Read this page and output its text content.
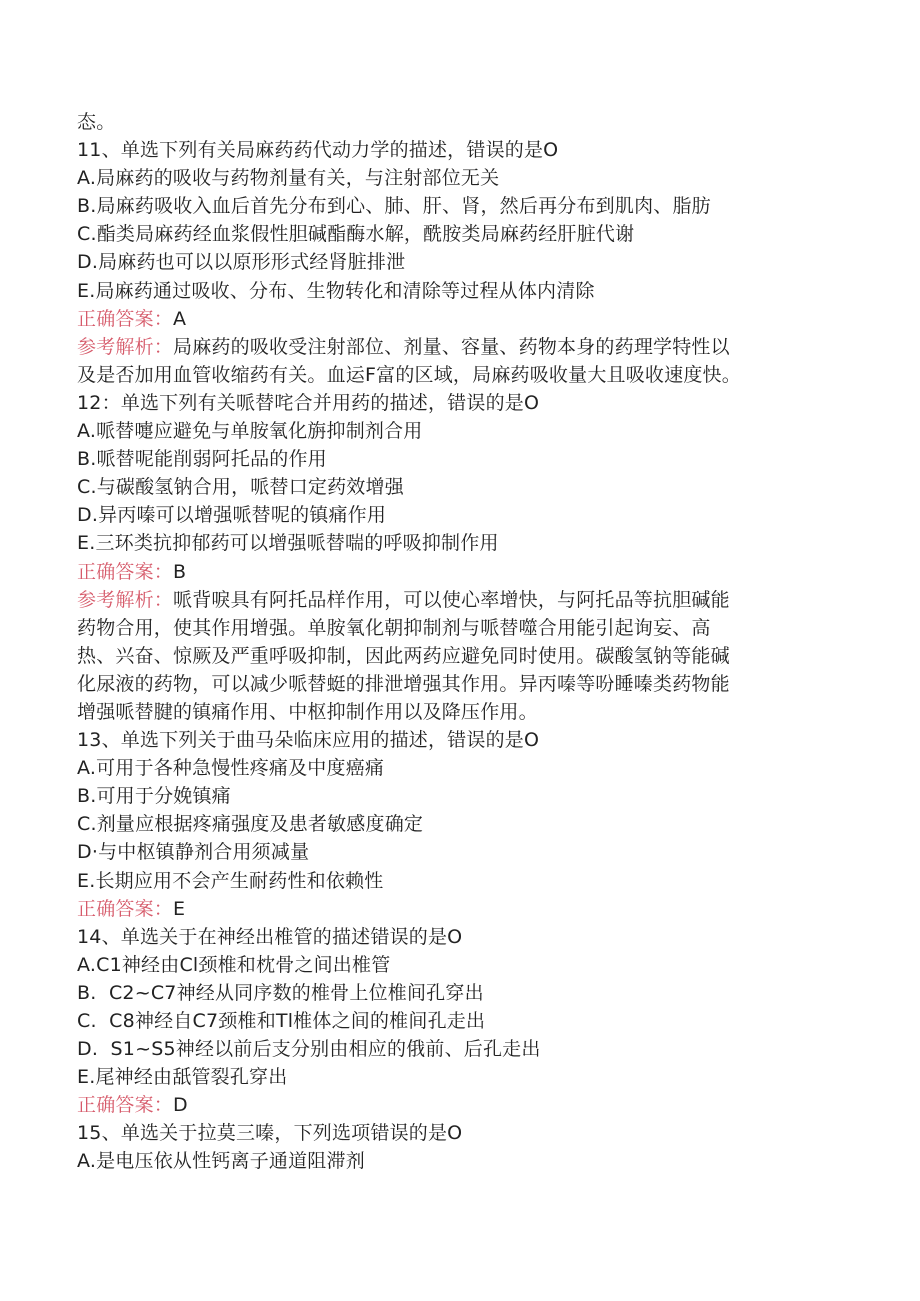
态。
11、单选下列有关局麻药药代动力学的描述，错误的是O
A.局麻药的吸收与药物剂量有关，与注射部位无关
B.局麻药吸收入血后首先分布到心、肺、肝、肾，然后再分布到肌肉、脂肪
C.酯类局麻药经血浆假性胆碱酯酶水解，酰胺类局麻药经肝脏代谢
D.局麻药也可以以原形形式经肾脏排泄
E.局麻药通过吸收、分布、生物转化和清除等过程从体内清除
正确答案：A
参考解析：局麻药的吸收受注射部位、剂量、容量、药物本身的药理学特性以
及是否加用血管收缩药有关。血运F富的区域，局麻药吸收量大且吸收速度快。
12：单选下列有关哌替咤合并用药的描述，错误的是O
A.哌替嚏应避免与单胺氧化旃抑制剂合用
B.哌替呢能削弱阿托品的作用
C.与碳酸氢钠合用，哌替口定药效增强
D.异丙嗪可以增强哌替呢的镇痛作用
E.三环类抗抑郁药可以增强哌替喘的呼吸抑制作用
正确答案：B
参考解析：哌背唳具有阿托品样作用，可以使心率增快，与阿托品等抗胆碱能
药物合用，使其作用增强。单胺氧化朝抑制剂与哌替噬合用能引起询妄、高
热、兴奋、惊厥及严重呼吸抑制，因此两药应避免同时使用。碳酸氢钠等能碱
化尿液的药物，可以减少哌替蜓的排泄增强其作用。异丙嗪等吩睡嗪类药物能
增强哌替腱的镇痛作用、中枢抑制作用以及降压作用。
13、单选下列关于曲马朵临床应用的描述，错误的是O
A.可用于各种急慢性疼痛及中度癌痛
B.可用于分娩镇痛
C.剂量应根据疼痛强度及患者敏感度确定
D·与中枢镇静剂合用须减量
E.长期应用不会产生耐药性和依赖性
正确答案：E
14、单选关于在神经出椎管的描述错误的是O
A.C1神经由Cl颈椎和枕骨之间出椎管
B.  C2~C7神经从同序数的椎骨上位椎间孔穿出
C.  C8神经自C7颈椎和Tl椎体之间的椎间孔走出
D.  S1~S5神经以前后支分别由相应的俄前、后孔走出
E.尾神经由舐管裂孔穿出
正确答案：D
15、单选关于拉莫三嗪，下列选项错误的是O
A.是电压依从性钙离子通道阻滞剂
